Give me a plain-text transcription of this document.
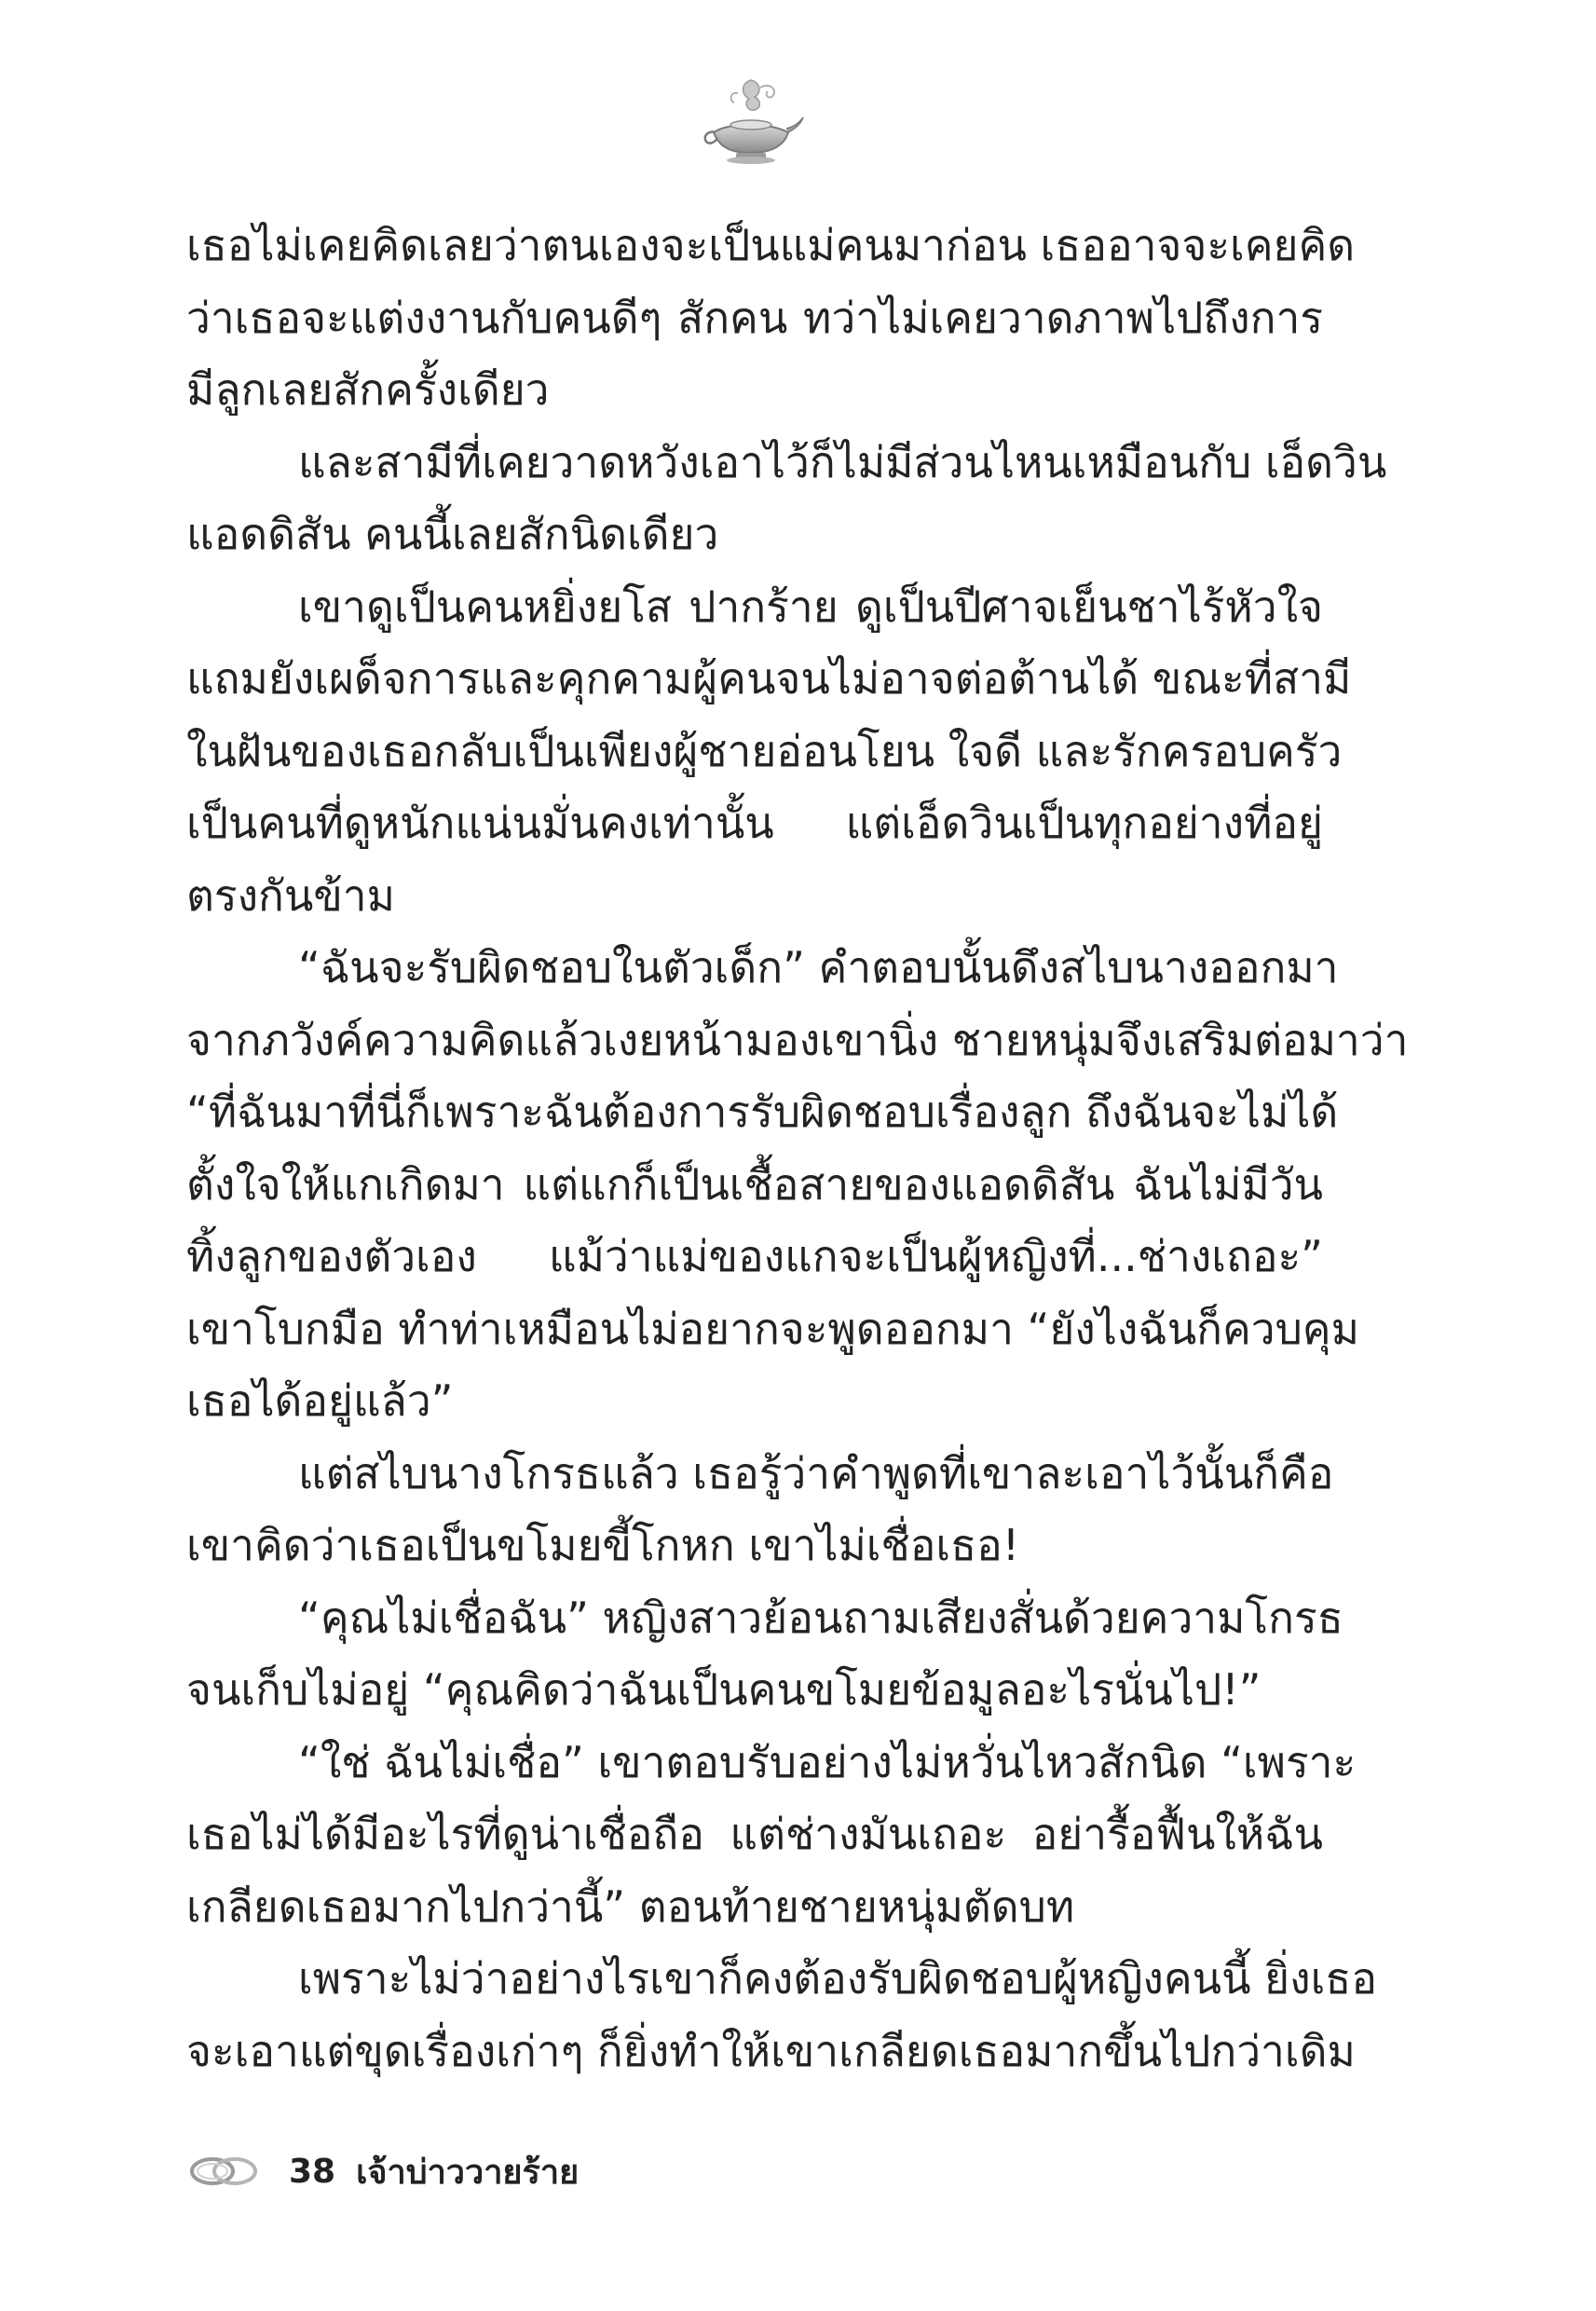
เธอไม่เคยคิดเลยว่าตนเองจะเป็นแม่คนมาก่อน เธออาจจะเคยคิด
ว่าเธอจะแต่งงานกับคนดีๆ สักคน ทว่าไม่เคยวาดภาพไปถึงการ
มีลูกเลยสักครั้งเดียว
และสามีที่เคยวาดหวังเอาไว้ก็ไม่มีส่วนไหนเหมือนกับ เอ็ดวิน
แอดดิสัน คนนี้เลยสักนิดเดียว
เขาดูเป็นคนหยิ่งยโส ปากร้าย ดูเป็นปีศาจเย็นชาไร้หัวใจ
แถมยังเผด็จการและคุกคามผู้คนจนไม่อาจต่อต้านได้ ขณะที่สามี
ในฝันของเธอกลับเป็นเพียงผู้ชายอ่อนโยน ใจดี และรักครอบครัว
เป็นคนที่ดูหนักแน่นมั่นคงเท่านั้น แต่เอ็ดวินเป็นทุกอย่างที่อยู่
ตรงกันข้าม
“ฉันจะรับผิดชอบในตัวเด็ก” คำตอบนั้นดึงสไบนางออกมา
จากภวังค์ความคิดแล้วเงยหน้ามองเขานิ่ง ชายหนุ่มจึงเสริมต่อมาว่า
“ที่ฉันมาที่นี่ก็เพราะฉันต้องการรับผิดชอบเรื่องลูก ถึงฉันจะไม่ได้
ตั้งใจให้แกเกิดมา แต่แกก็เป็นเชื้อสายของแอดดิสัน ฉันไม่มีวัน
ทิ้งลูกของตัวเอง แม้ว่าแม่ของแกจะเป็นผู้หญิงที่...ช่างเถอะ”
เขาโบกมือ ทำท่าเหมือนไม่อยากจะพูดออกมา “ยังไงฉันก็ควบคุม
เธอได้อยู่แล้ว”
แต่สไบนางโกรธแล้ว เธอรู้ว่าคำพูดที่เขาละเอาไว้นั้นก็คือ
เขาคิดว่าเธอเป็นขโมยขี้โกหก เขาไม่เชื่อเธอ!
“คุณไม่เชื่อฉัน” หญิงสาวย้อนถามเสียงสั่นด้วยความโกรธ
จนเก็บไม่อยู่ “คุณคิดว่าฉันเป็นคนขโมยข้อมูลอะไรนั่นไป!”
“ใช่ ฉันไม่เชื่อ” เขาตอบรับอย่างไม่หวั่นไหวสักนิด “เพราะ
เธอไม่ได้มีอะไรที่ดูน่าเชื่อถือ แต่ช่างมันเถอะ อย่ารื้อฟื้นให้ฉัน
เกลียดเธอมากไปกว่านี้” ตอนท้ายชายหนุ่มตัดบท
เพราะไม่ว่าอย่างไรเขาก็คงต้องรับผิดชอบผู้หญิงคนนี้ ยิ่งเธอ
จะเอาแต่ขุดเรื่องเก่าๆ ก็ยิ่งทำให้เขาเกลียดเธอมากขึ้นไปกว่าเดิม
38 เจ้าบ่าววายร้าย
